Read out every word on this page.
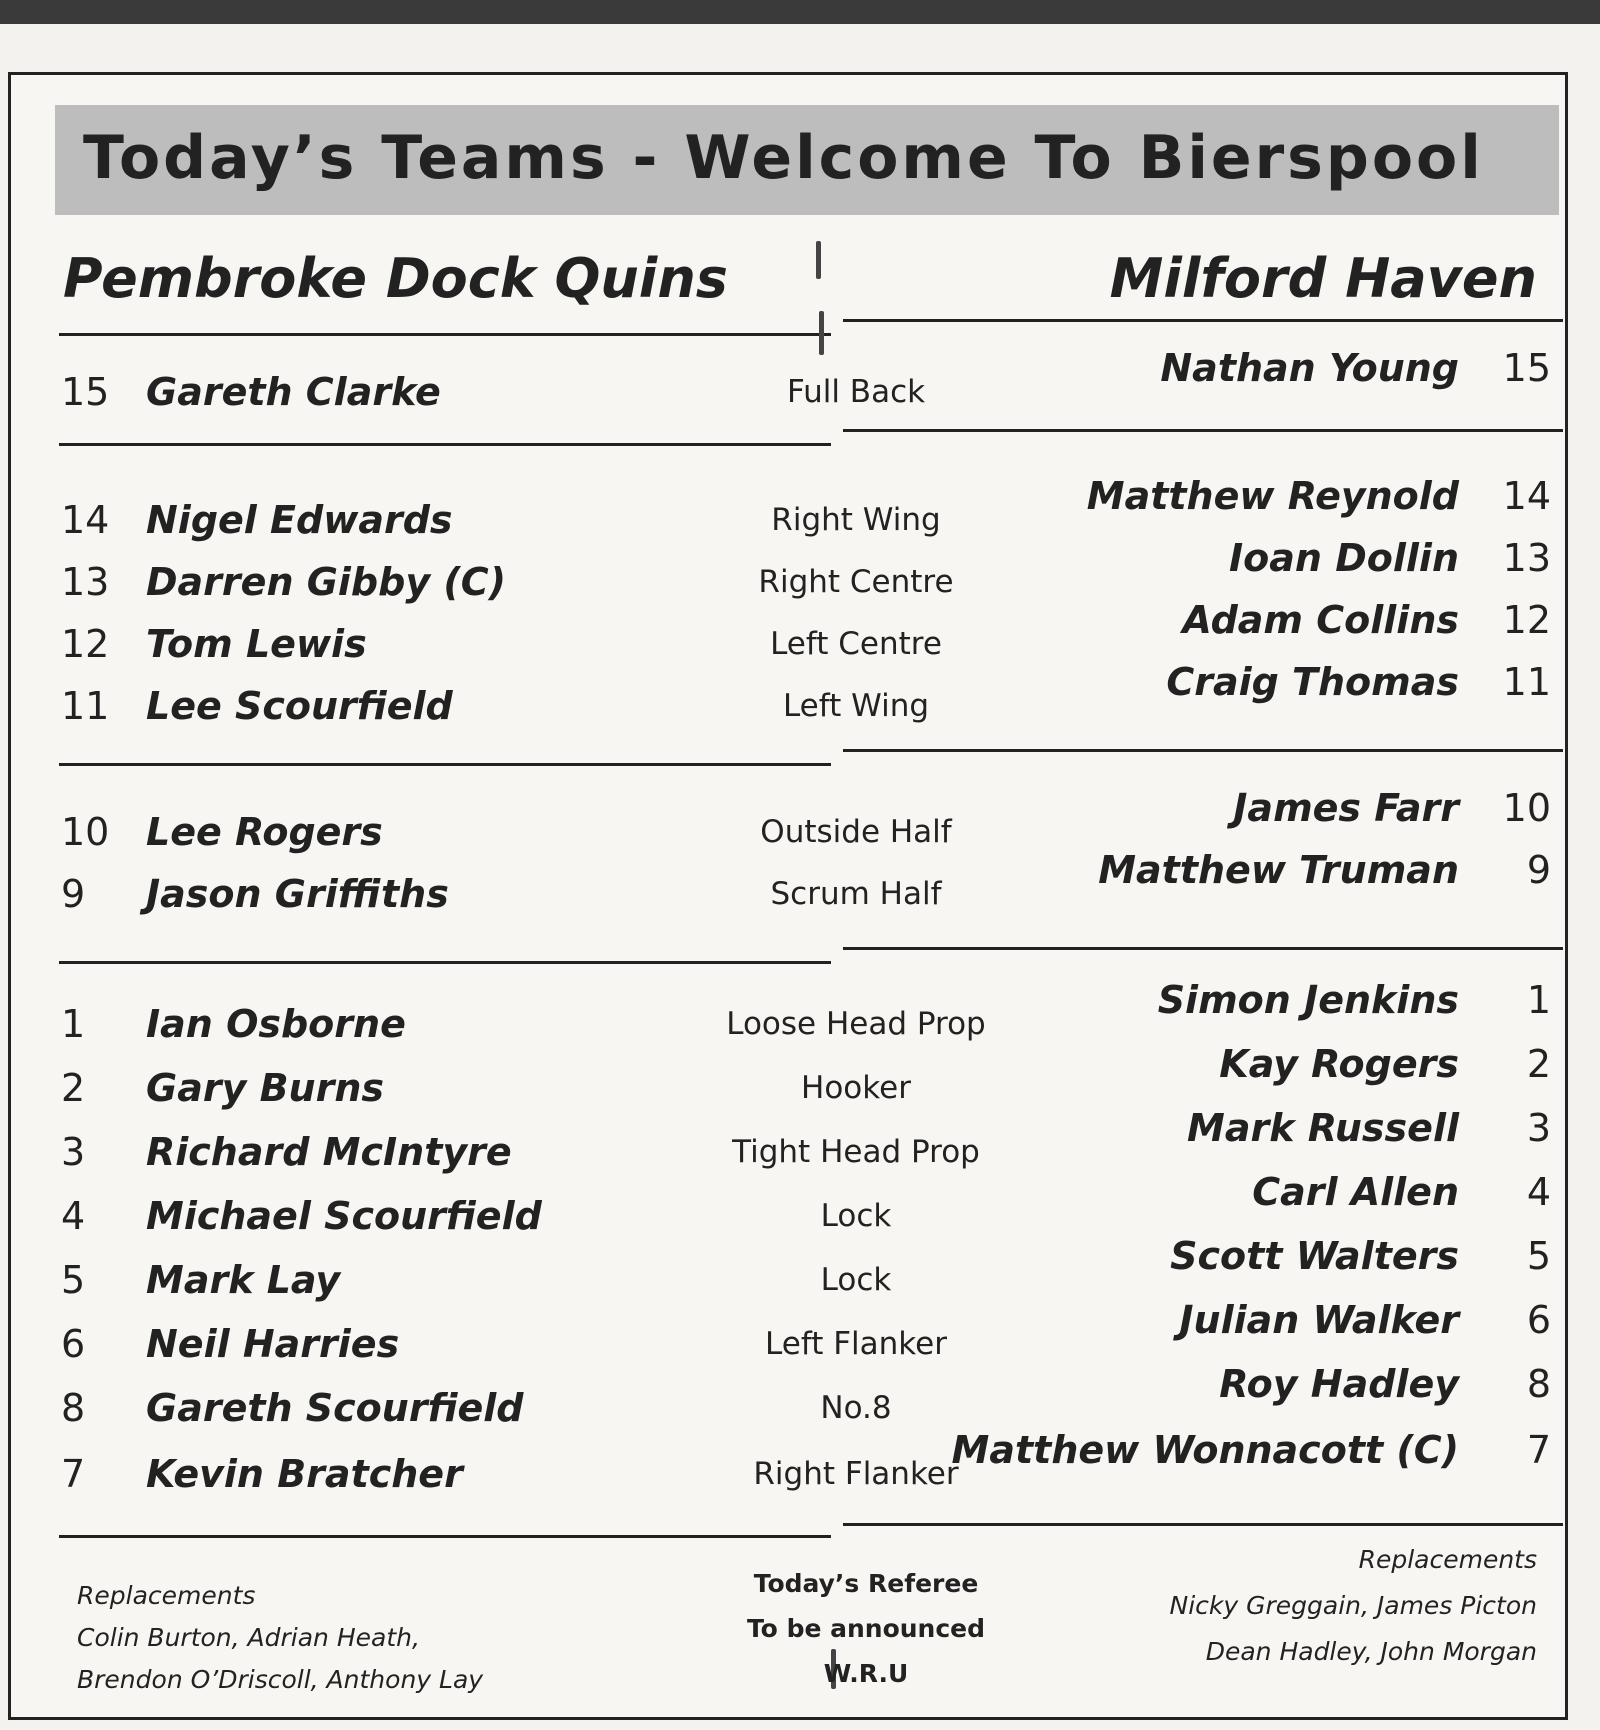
Today’s Teams - Welcome To Bierspool
Pembroke Dock Quins	Milford Haven
15 Gareth Clarke	Full Back
Nathan Young	15
14 Nigel Edwards	Right Wing
Matthew Reynold	14
13 Darren Gibby (C)	Right Centre
Ioan Dollin	13
12 Tom Lewis	Left Centre
Adam Collins	12
11 Lee Scourfield	Left Wing
Craig Thomas	11
10 Lee Rogers	Outside Half
James Farr	10
9	Jason Griffiths	Scrum Half
Matthew Truman	9
1	Ian Osborne	Loose Head Prop
Simon Jenkins	1
2	Gary Burns	Hooker
Kay Rogers	2
3	Richard McIntyre	Tight Head Prop
Mark Russell	3
4	Michael Scourfield	Lock
Carl Allen	4
5	Mark Lay	Lock
Scott Walters	5
6	Neil Harries	Left Flanker
Julian Walker	6
8	Gareth Scourfield	No.8
Roy Hadley	8
7	Kevin Bratcher	Right Flanker
Matthew Wonnacott (C)	7
Replacements
Colin Burton, Adrian Heath,
Brendon O’Driscoll, Anthony Lay
Today’s Referee
To be announced
W.R.U
Replacements
Nicky Greggain, James Picton
Dean Hadley, John Morgan
